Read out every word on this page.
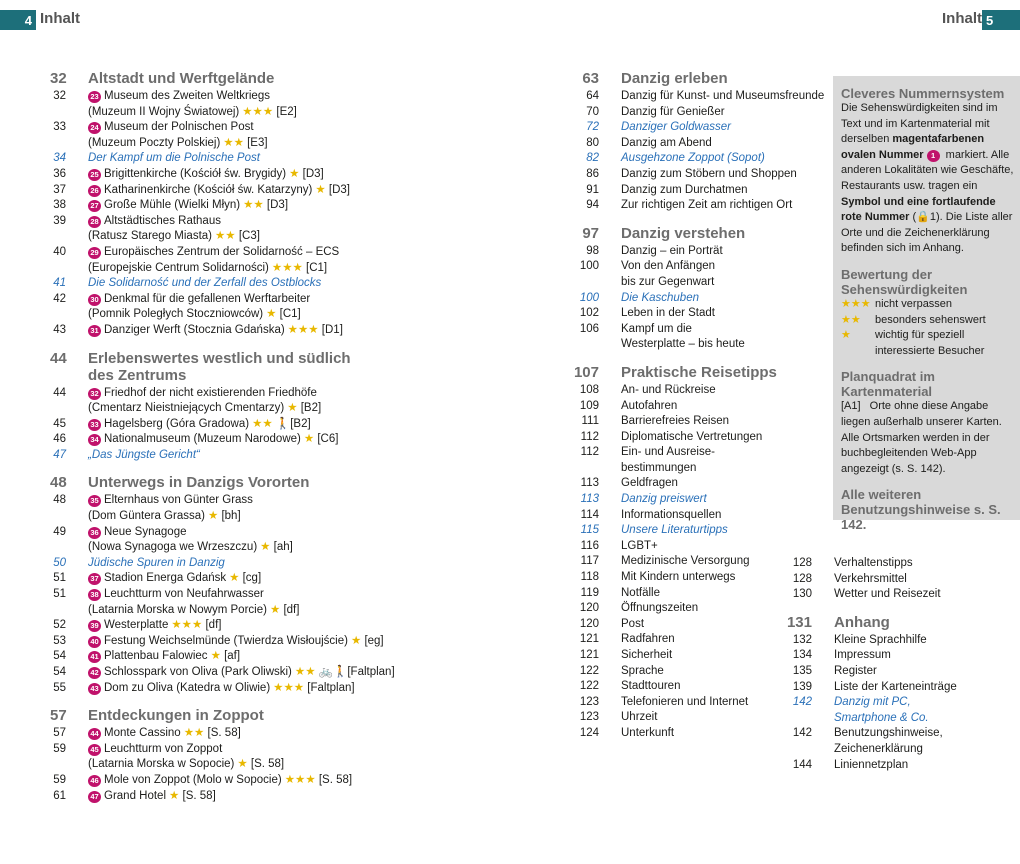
4 Inhalt	Inhalt 5
32 Altstadt und Werftgelände
32	23 Museum des Zweiten Weltkriegs
(Muzeum II Wojny Światowej) ★★★ [E2]
33	24 Museum der Polnischen Post
(Muzeum Poczty Polskiej) ★★ [E3]
34 Der Kampf um die Polnische Post
36	25 Brigittenkirche (Kościół św. Brygidy) ★ [D3]
37	26 Katharinenkirche (Kościół św. Katarzyny) ★ [D3]
38	27 Große Mühle (Wielki Młyn) ★★ [D3]
39	28 Altstädtisches Rathaus
(Ratusz Starego Miasta) ★★ [C3]
40	29 Europäisches Zentrum der Solidarność – ECS
(Europejskie Centrum Solidarności) ★★★ [C1]
41 Die Solidarność und der Zerfall des Ostblocks
42	30 Denkmal für die gefallenen Werftarbeiter
(Pomnik Poległych Stoczniowców) ★ [C1]
43	31 Danziger Werft (Stocznia Gdańska) ★★★ [D1]
44 Erlebenswertes westlich und südlich des Zentrums
44	32 Friedhof der nicht existierenden Friedhöfe
(Cmentarz Nieistniejących Cmentarzy) ★ [B2]
45	33 Hagelsberg (Góra Gradowa) ★★ 🚶[B2]
46	34 Nationalmuseum (Muzeum Narodowe) ★ [C6]
47 „Das Jüngste Gericht“
48 Unterwegs in Danzigs Vororten
48	35 Elternhaus von Günter Grass
(Dom Güntera Grassa) ★ [bh]
49	36 Neue Synagoge
(Nowa Synagoga we Wrzeszczu) ★ [ah]
50 Jüdische Spuren in Danzig
51	37 Stadion Energa Gdańsk ★ [cg]
51	38 Leuchtturm von Neufahrwasser
(Latarnia Morska w Nowym Porcie) ★ [df]
52	39 Westerplatte ★★★ [df]
53	40 Festung Weichselmünde (Twierdza Wisłoujście) ★ [eg]
54	41 Plattenbau Falowiec ★ [af]
54	42 Schlosspark von Oliva (Park Oliwski) ★★ 🚲🚶[Faltplan]
55	43 Dom zu Oliva (Katedra w Oliwie) ★★★ [Faltplan]
57 Entdeckungen in Zoppot
57	44 Monte Cassino ★★ [S. 58]
59	45 Leuchtturm von Zoppot
(Latarnia Morska w Sopocie) ★ [S. 58]
59	46 Mole von Zoppot (Molo w Sopocie) ★★★ [S. 58]
61	47 Grand Hotel ★ [S. 58]
63 Danzig erleben
64 Danzig für Kunst- und Museumsfreunde
70 Danzig für Genießer
72 Danziger Goldwasser
80 Danzig am Abend
82 Ausgehzone Zoppot (Sopot)
86 Danzig zum Stöbern und Shoppen
91 Danzig zum Durchatmen
94 Zur richtigen Zeit am richtigen Ort
97 Danzig verstehen
98 Danzig – ein Porträt
100 Von den Anfängen
bis zur Gegenwart
100 Die Kaschuben
102 Leben in der Stadt
106 Kampf um die
Westerplatte – bis heute
107 Praktische Reisetipps
108 An- und Rückreise
109 Autofahren
111 Barrierefreies Reisen
112 Diplomatische Vertretungen
112 Ein- und Ausreise-
bestimmungen
113 Geldfragen
113 Danzig preiswert
114 Informationsquellen
115 Unsere Literaturtipps
116 LGBT+
117 Medizinische Versorgung
118 Mit Kindern unterwegs
119 Notfälle
120 Öffnungszeiten
120 Post
121 Radfahren
121 Sicherheit
122 Sprache
122 Stadttouren
123 Telefonieren und Internet
123 Uhrzeit
124 Unterkunft
128 Verhaltenstipps
128 Verkehrsmittel
130 Wetter und Reisezeit
131 Anhang
132 Kleine Sprachhilfe
134 Impressum
135 Register
139 Liste der Karteneinträge
142 Danzig mit PC,
Smartphone & Co.
142 Benutzungshinweise,
Zeichenerklärung
144 Liniennetzplan
Cleveres Nummernsystem
Die Sehenswürdigkeiten sind im Text und im Kartenmaterial mit derselben magentafarbenen ovalen Nummer 1 markiert. Alle anderen Lokalitäten wie Geschäfte, Restaurants usw. tragen ein Symbol und eine fortlaufende rote Nummer (🔒1). Die Liste aller Orte und die Zeichenerklärung befinden sich im Anhang.
Bewertung der Sehenswürdigkeiten
★★★ nicht verpassen
★★	besonders sehenswert
★	wichtig für speziell interessierte Besucher
Planquadrat im Kartenmaterial
[A1] Orte ohne diese Angabe liegen außerhalb unserer Karten. Alle Ortsmarken werden in der buchbegleitenden Web-App angezeigt (s. S. 142).
Alle weiteren Benutzungshinweise s. S. 142.
